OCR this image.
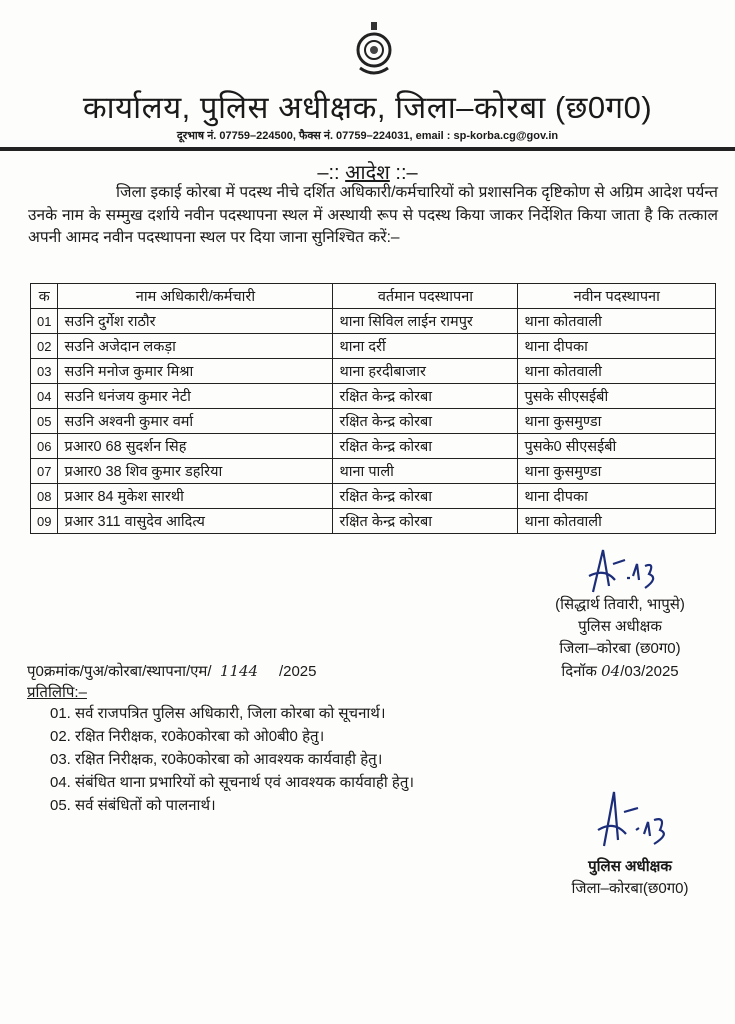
कार्यालय, पुलिस अधीक्षक, जिला–कोरबा (छ0ग0)
दूरभाष नं. 07759–224500, फैक्स नं. 07759–224031, email : sp-korba.cg@gov.in
–:: आदेश ::–
जिला इकाई कोरबा में पदस्थ नीचे दर्शित अधिकारी/कर्मचारियों को प्रशासनिक दृष्टिकोण से अग्रिम आदेश पर्यन्त उनके नाम के सम्मुख दर्शाये नवीन पदस्थापना स्थल में अस्थायी रूप से पदस्थ किया जाकर निर्देशित किया जाता है कि तत्काल अपनी आमद नवीन पदस्थापना स्थल पर दिया जाना सुनिश्चित करें:–
क	नाम अधिकारी/कर्मचारी	वर्तमान पदस्थापना	नवीन पदस्थापना
01	सउनि दुर्गेश राठौर	थाना सिविल लाईन रामपुर	थाना कोतवाली
02	सउनि अजेदान लकड़ा	थाना दर्री	थाना दीपका
03	सउनि मनोज कुमार मिश्रा	थाना हरदीबाजार	थाना कोतवाली
04	सउनि धनंजय कुमार नेटी	रक्षित केन्द्र कोरबा	पुसके सीएसईबी
05	सउनि अश्वनी कुमार वर्मा	रक्षित केन्द्र कोरबा	थाना कुसमुण्डा
06	प्रआर0 68 सुदर्शन सिह	रक्षित केन्द्र कोरबा	पुसके0 सीएसईबी
07	प्रआर0 38 शिव कुमार डहरिया	थाना पाली	थाना कुसमुण्डा
08	प्रआर 84 मुकेश सारथी	रक्षित केन्द्र कोरबा	थाना दीपका
09	प्रआर 311 वासुदेव आदित्य	रक्षित केन्द्र कोरबा	थाना कोतवाली
(सिद्धार्थ तिवारी, भापुसे)
पुलिस अधीक्षक
जिला–कोरबा (छ0ग0)
दिनॉक 04/03/2025
पृ0क्रमांक/पुअ/कोरबा/स्थापना/एम/ 1144 /2025
प्रतिलिपि:–
01. सर्व राजपत्रित पुलिस अधिकारी, जिला कोरबा को सूचनार्थ।
02. रक्षित निरीक्षक, र0के0कोरबा को ओ0बी0 हेतु।
03. रक्षित निरीक्षक, र0के0कोरबा को आवश्यक कार्यवाही हेतु।
04. संबंधित थाना प्रभारियों को सूचनार्थ एवं आवश्यक कार्यवाही हेतु।
05. सर्व संबंधितों को पालनार्थ।
पुलिस अधीक्षक
जिला–कोरबा(छ0ग0)
